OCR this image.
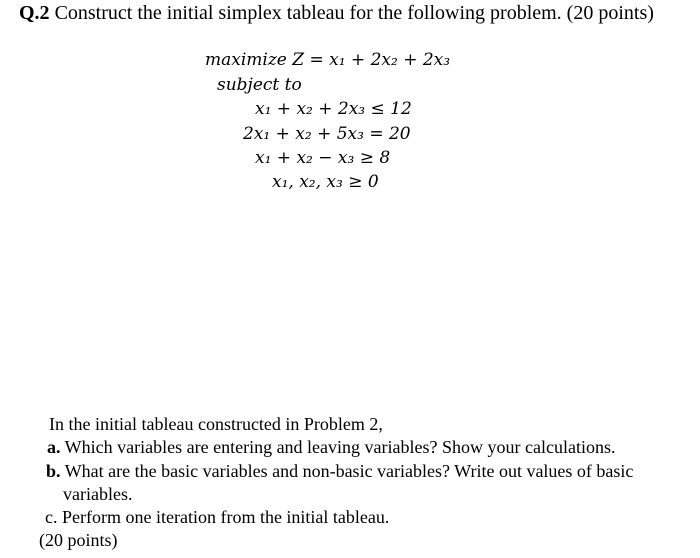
Q.2 Construct the initial simplex tableau for the following problem. (20 points)
maximize Z = x₁ + 2x₂ + 2x₃
subject to
x₁ + x₂ + 2x₃ ≤ 12
2x₁ + x₂ + 5x₃ = 20
x₁ + x₂ − x₃ ≥ 8
x₁, x₂, x₃ ≥ 0
In the initial tableau constructed in Problem 2,
a. Which variables are entering and leaving variables? Show your calculations.
b. What are the basic variables and non-basic variables? Write out values of basic
variables.
c. Perform one iteration from the initial tableau.
(20 points)
